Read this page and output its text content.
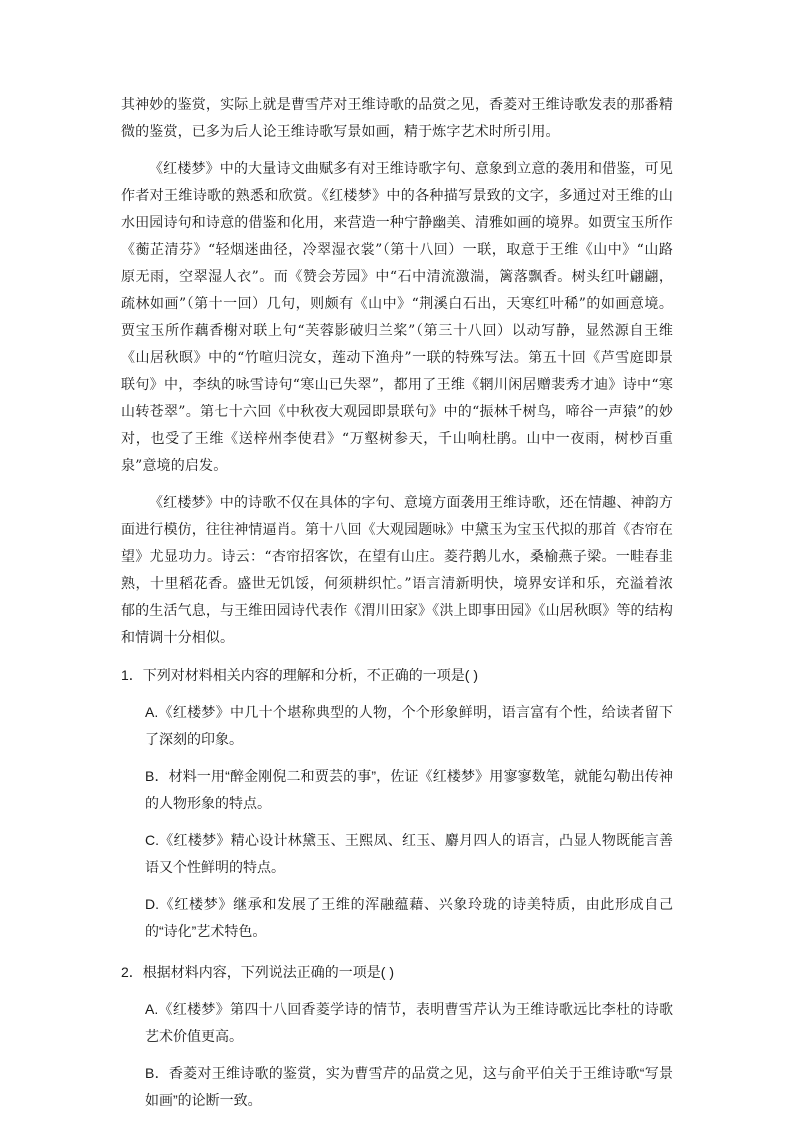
其神妙的鉴赏，实际上就是曹雪芹对王维诗歌的品赏之见，香菱对王维诗歌发表的那番精微的鉴赏，已多为后人论王维诗歌写景如画，精于炼字艺术时所引用。

《红楼梦》中的大量诗文曲赋多有对王维诗歌字句、意象到立意的袭用和借鉴，可见作者对王维诗歌的熟悉和欣赏。《红楼梦》中的各种描写景致的文字，多通过对王维的山水田园诗句和诗意的借鉴和化用，来营造一种宁静幽美、清雅如画的境界。如贾宝玉所作《蘅芷清芬》“轻烟迷曲径，冷翠湿衣裳”（第十八回）一联，取意于王维《山中》“山路原无雨，空翠湿人衣”。而《赞会芳园》中“石中清流激湍，篱落飘香。树头红叶翩翩，疏林如画”（第十一回）几句，则颇有《山中》“荆溪白石出，天寒红叶稀”的如画意境。贾宝玉所作藕香榭对联上句“芙蓉影破归兰桨”（第三十八回）以动写静，显然源自王维《山居秋暝》中的“竹喧归浣女，莲动下渔舟”一联的特殊写法。第五十回《芦雪庭即景联句》中，李纨的咏雪诗句“寒山已失翠”，都用了王维《辋川闲居赠裴秀才迪》诗中“寒山转苍翠”。第七十六回《中秋夜大观园即景联句》中的“振林千树鸟，啼谷一声猿”的妙对，也受了王维《送梓州李使君》“万壑树参天，千山响杜鹃。山中一夜雨，树杪百重泉”意境的启发。

《红楼梦》中的诗歌不仅在具体的字句、意境方面袭用王维诗歌，还在情趣、神韵方面进行模仿，往往神情逼肖。第十八回《大观园题咏》中黛玉为宝玉代拟的那首《杏帘在望》尤显功力。诗云：“杏帘招客饮，在望有山庄。菱荇鹅儿水，桑榆燕子梁。一畦春韭熟，十里稻花香。盛世无饥馁，何须耕织忙。”语言清新明快，境界安详和乐，充溢着浓郁的生活气息，与王维田园诗代表作《渭川田家》《洪上即事田园》《山居秋暝》等的结构和情调十分相似。

1．下列对材料相关内容的理解和分析，不正确的一项是( )

A.《红楼梦》中几十个堪称典型的人物，个个形象鲜明，语言富有个性，给读者留下了深刻的印象。
B．材料一用“醉金刚倪二和贾芸的事”，佐证《红楼梦》用寥寥数笔，就能勾勒出传神的人物形象的特点。
C.《红楼梦》精心设计林黛玉、王熙凤、红玉、麝月四人的语言，凸显人物既能言善语又个性鲜明的特点。
D.《红楼梦》继承和发展了王维的浑融蕴藉、兴象玲珑的诗美特质，由此形成自己的“诗化”艺术特色。

2．根据材料内容，下列说法正确的一项是( )

A.《红楼梦》第四十八回香菱学诗的情节，表明曹雪芹认为王维诗歌远比李杜的诗歌艺术价值更高。
B．香菱对王维诗歌的鉴赏，实为曹雪芹的品赏之见，这与俞平伯关于王维诗歌“写景如画”的论断一致。
